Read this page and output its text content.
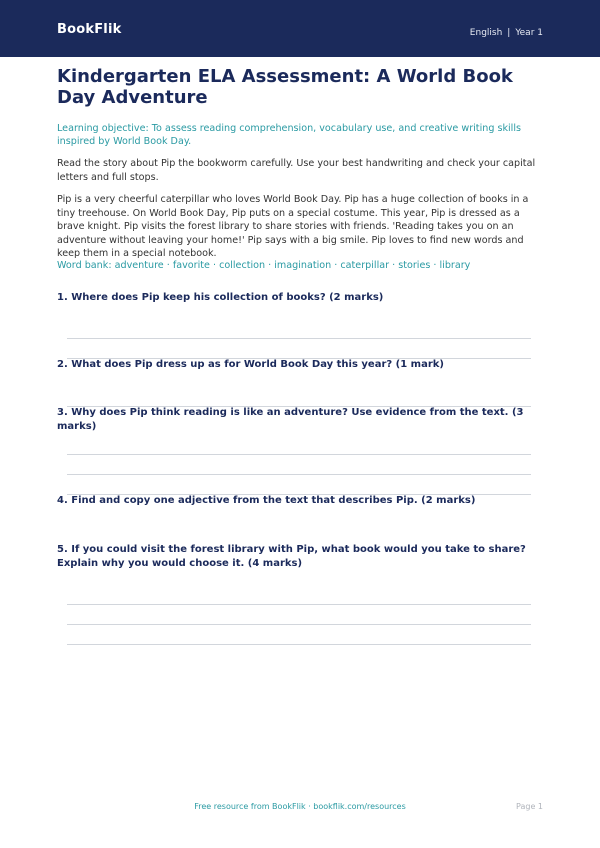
BookFlik	English | Year 1
Kindergarten ELA Assessment: A World Book Day Adventure
Learning objective: To assess reading comprehension, vocabulary use, and creative writing skills inspired by World Book Day.
Read the story about Pip the bookworm carefully. Use your best handwriting and check your capital letters and full stops.
Pip is a very cheerful caterpillar who loves World Book Day. Pip has a huge collection of books in a tiny treehouse. On World Book Day, Pip puts on a special costume. This year, Pip is dressed as a brave knight. Pip visits the forest library to share stories with friends. 'Reading takes you on an adventure without leaving your home!' Pip says with a big smile. Pip loves to find new words and keep them in a special notebook.
Word bank: adventure · favorite · collection · imagination · caterpillar · stories · library
1. Where does Pip keep his collection of books? (2 marks)
2. What does Pip dress up as for World Book Day this year? (1 mark)
3. Why does Pip think reading is like an adventure? Use evidence from the text. (3 marks)
4. Find and copy one adjective from the text that describes Pip. (2 marks)
5. If you could visit the forest library with Pip, what book would you take to share? Explain why you would choose it. (4 marks)
Free resource from BookFlik · bookflik.com/resources	Page 1
